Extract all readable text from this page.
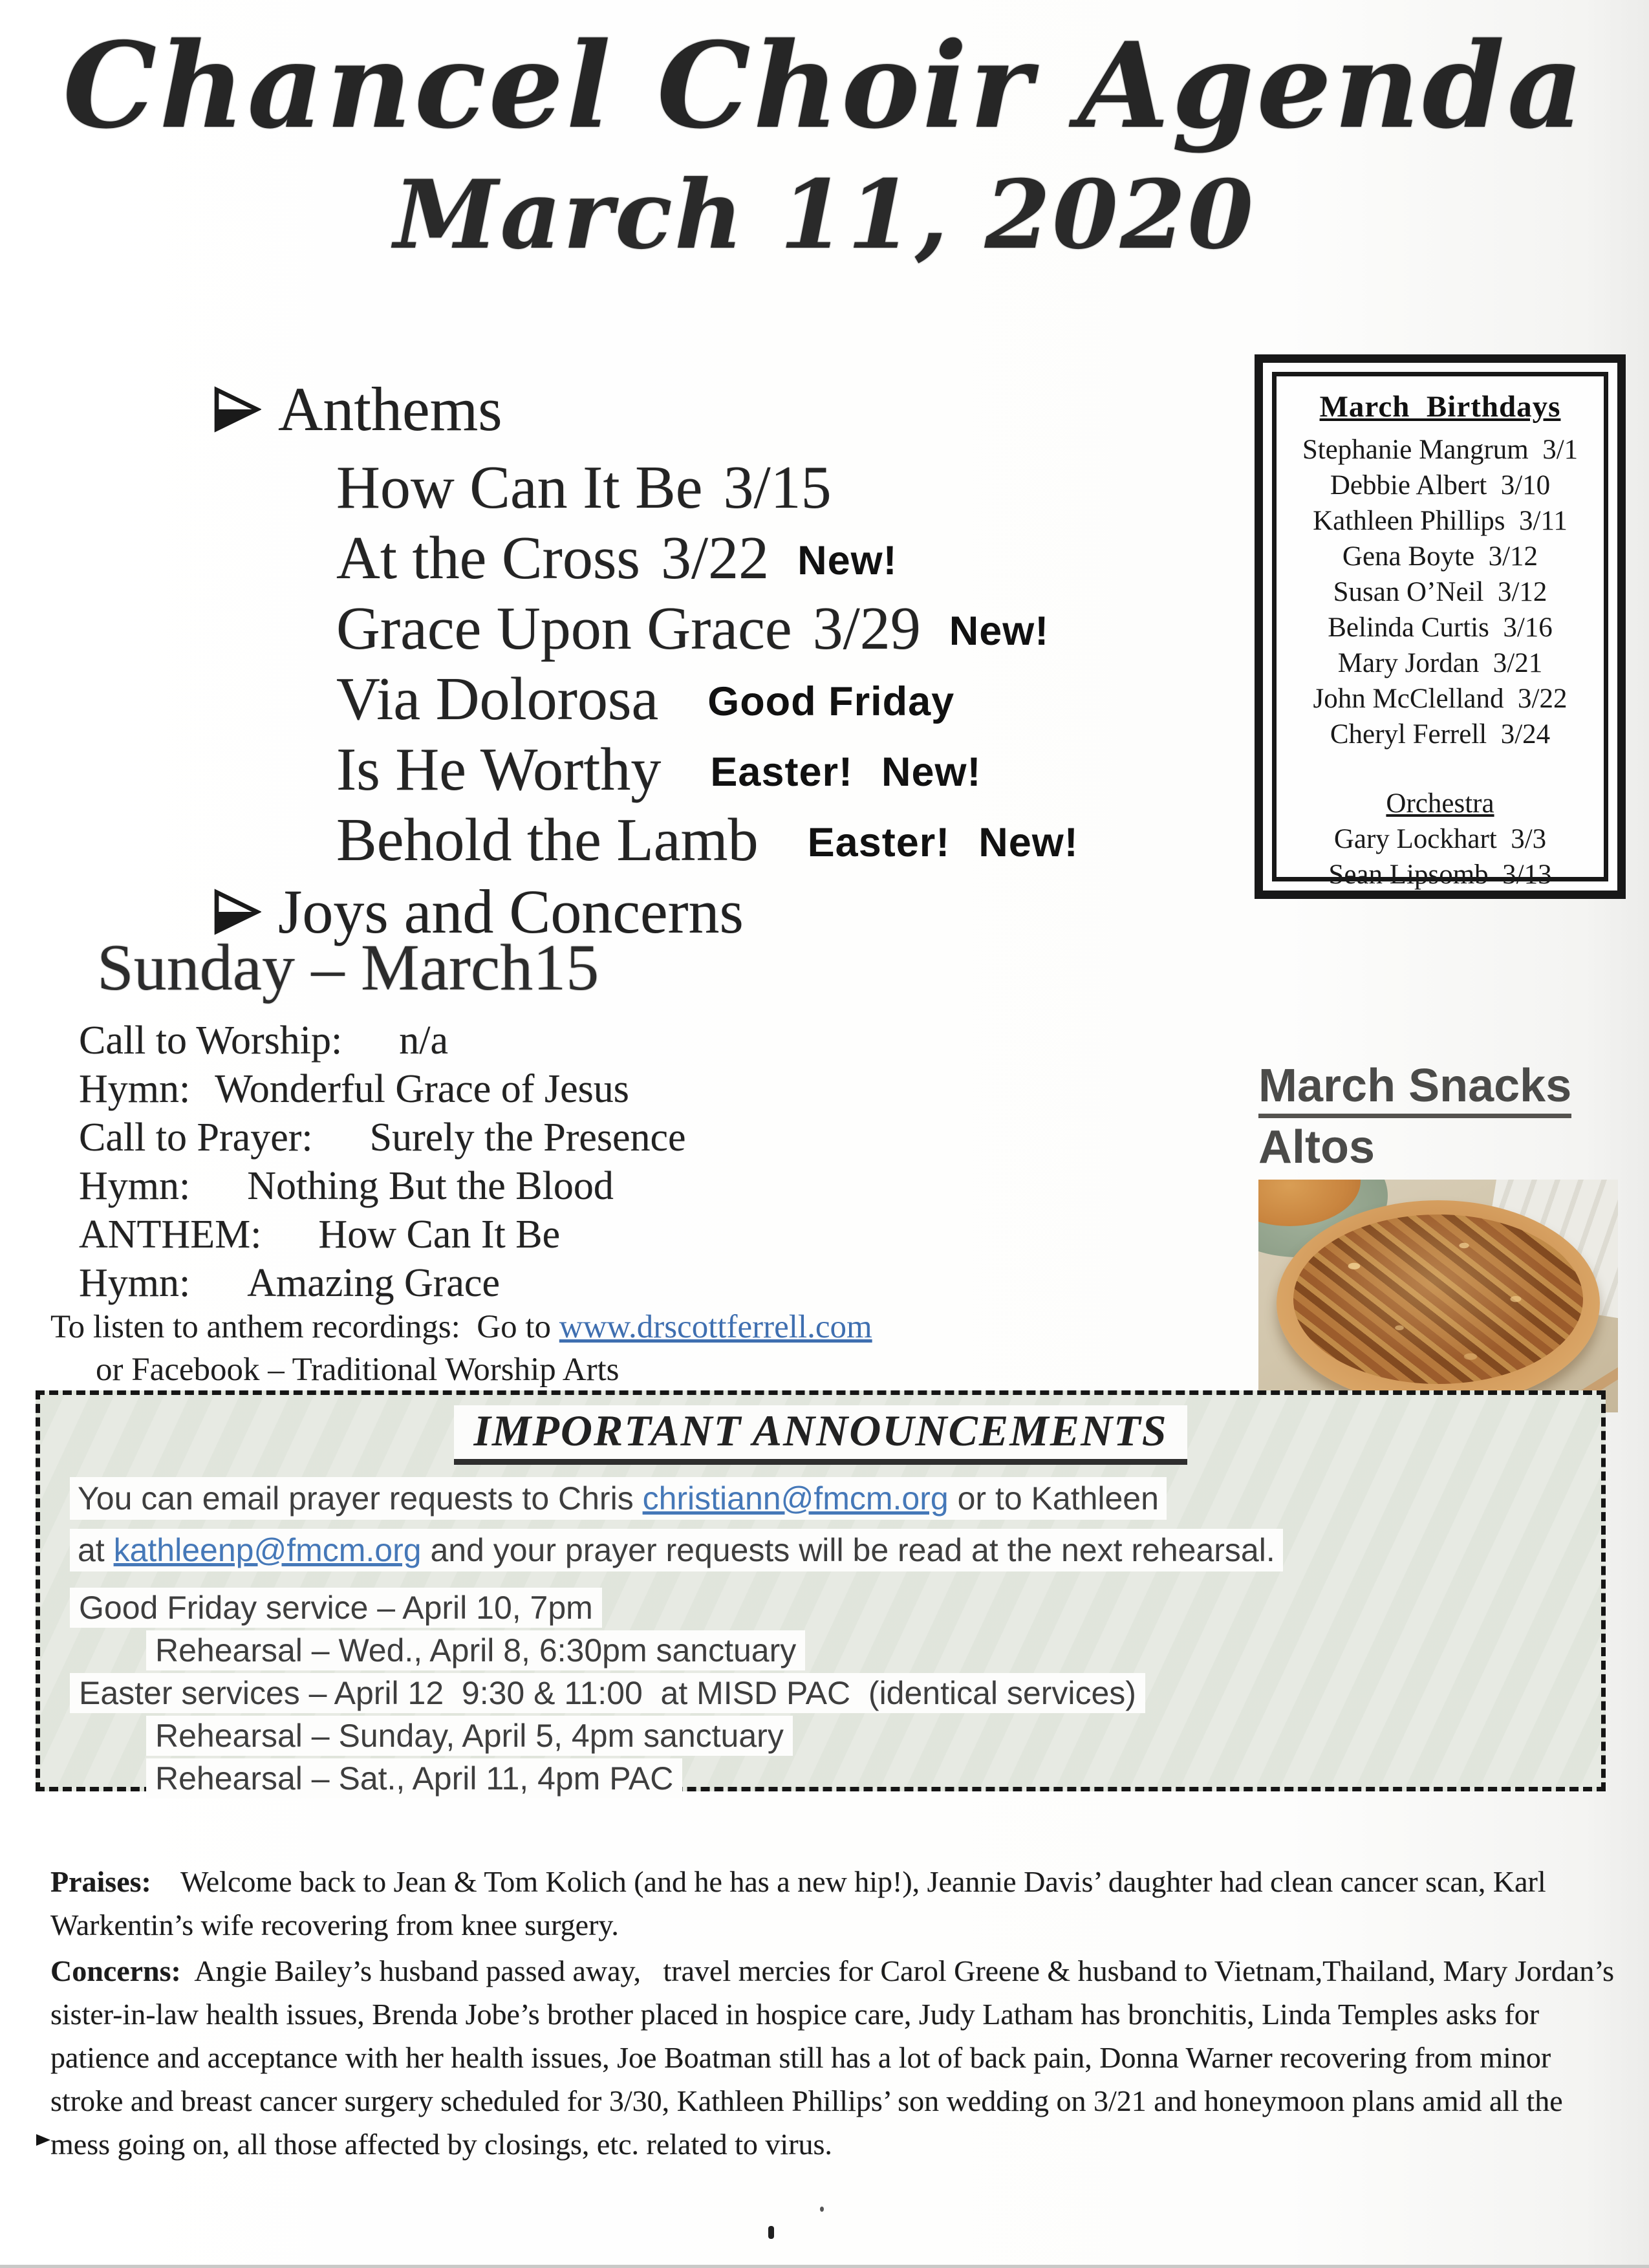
Chancel Choir Agenda
March 11, 2020
Anthems
How Can It Be 3/15
At the Cross 3/22 New!
Grace Upon Grace 3/29 New!
Via Dolorosa Good Friday
Is He Worthy Easter! New!
Behold the Lamb Easter! New!
Joys and Concerns
March  Birthdays
Stephanie Mangrum  3/1
Debbie Albert  3/10
Kathleen Phillips  3/11
Gena Boyte  3/12
Susan O’Neil  3/12
Belinda Curtis  3/16
Mary Jordan  3/21
John McClelland  3/22
Cheryl Ferrell  3/24
Orchestra
Gary Lockhart  3/3
Sean Lipsomb  3/13
Sunday – March15
Call to Worship: n/a
Hymn: Wonderful Grace of Jesus
Call to Prayer: Surely the Presence
Hymn: Nothing But the Blood
ANTHEM: How Can It Be
Hymn: Amazing Grace
To listen to anthem recordings:  Go to www.drscottferrell.com
or Facebook – Traditional Worship Arts
March Snacks
Altos
IMPORTANT ANNOUNCEMENTS
You can email prayer requests to Chris christiann@fmcm.org or to Kathleen
at kathleenp@fmcm.org and your prayer requests will be read at the next rehearsal.
Good Friday service – April 10, 7pm
Rehearsal – Wed., April 8, 6:30pm sanctuary
Easter services – April 12  9:30 & 11:00  at MISD PAC  (identical services)
Rehearsal – Sunday, April 5, 4pm sanctuary
Rehearsal – Sat., April 11, 4pm PAC

Praises:    Welcome back to Jean & Tom Kolich (and he has a new hip!), Jeannie Davis’ daughter had clean cancer scan, Karl Warkentin’s wife recovering from knee surgery.

Concerns:  Angie Bailey’s husband passed away,   travel mercies for Carol Greene & husband to Vietnam,Thailand, Mary Jordan’s sister-in-law health issues, Brenda Jobe’s brother placed in hospice care, Judy Latham has bronchitis, Linda Temples asks for patience and acceptance with her health issues, Joe Boatman still has a lot of back pain, Donna Warner recovering from minor stroke and breast cancer surgery scheduled for 3/30, Kathleen Phillips’ son wedding on 3/21 and honeymoon plans amid all the mess going on, all those affected by closings, etc. related to virus.
